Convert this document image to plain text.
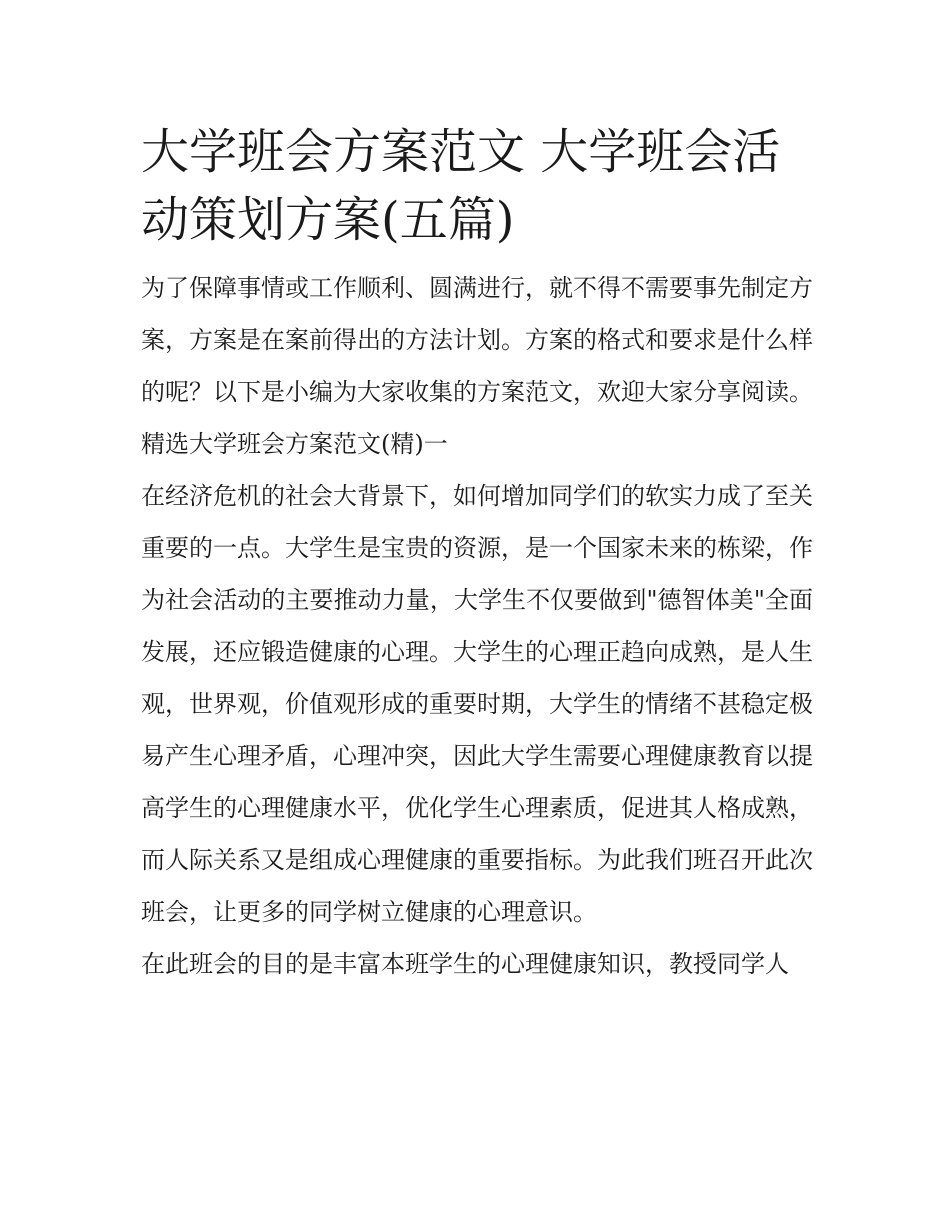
大学班会方案范文 大学班会活动策划方案(五篇)

为了保障事情或工作顺利、圆满进行，就不得不需要事先制定方案，方案是在案前得出的方法计划。方案的格式和要求是什么样的呢？以下是小编为大家收集的方案范文，欢迎大家分享阅读。

精选大学班会方案范文(精)一

在经济危机的社会大背景下，如何增加同学们的软实力成了至关重要的一点。大学生是宝贵的资源，是一个国家未来的栋梁，作为社会活动的主要推动力量，大学生不仅要做到"德智体美"全面发展，还应锻造健康的心理。大学生的心理正趋向成熟，是人生观，世界观，价值观形成的重要时期，大学生的情绪不甚稳定极易产生心理矛盾，心理冲突，因此大学生需要心理健康教育以提高学生的心理健康水平，优化学生心理素质，促进其人格成熟，而人际关系又是组成心理健康的重要指标。为此我们班召开此次班会，让更多的同学树立健康的心理意识。

在此班会的目的是丰富本班学生的心理健康知识，教授同学人
